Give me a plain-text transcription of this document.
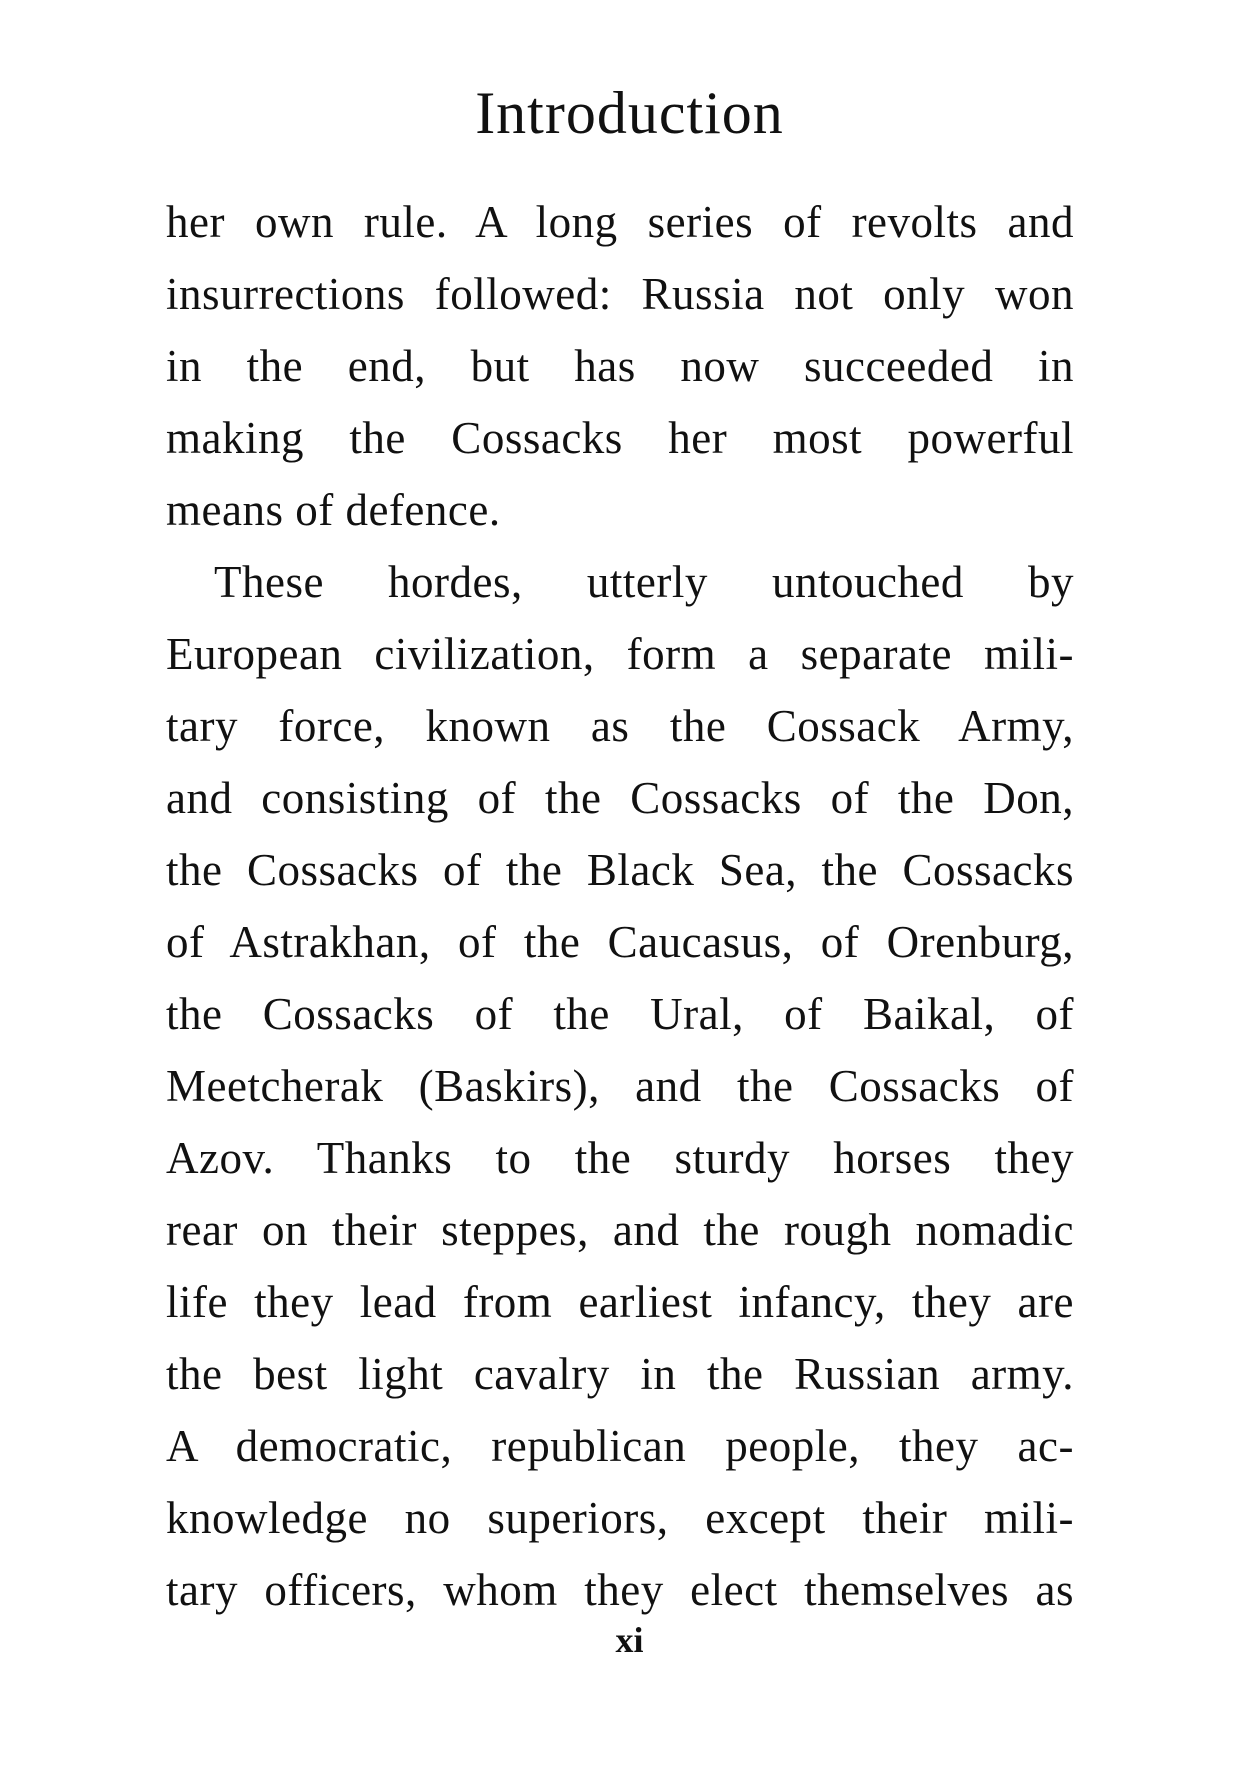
Introduction
her own rule. A long series of revolts and
insurrections followed: Russia not only won
in the end, but has now succeeded in
making the Cossacks her most powerful
means of defence.
These hordes, utterly untouched by
European civilization, form a separate mili-
tary force, known as the Cossack Army,
and consisting of the Cossacks of the Don,
the Cossacks of the Black Sea, the Cossacks
of Astrakhan, of the Caucasus, of Orenburg,
the Cossacks of the Ural, of Baikal, of
Meetcherak (Baskirs), and the Cossacks of
Azov. Thanks to the sturdy horses they
rear on their steppes, and the rough nomadic
life they lead from earliest infancy, they are
the best light cavalry in the Russian army.
A democratic, republican people, they ac-
knowledge no superiors, except their mili-
tary officers, whom they elect themselves as
xi
